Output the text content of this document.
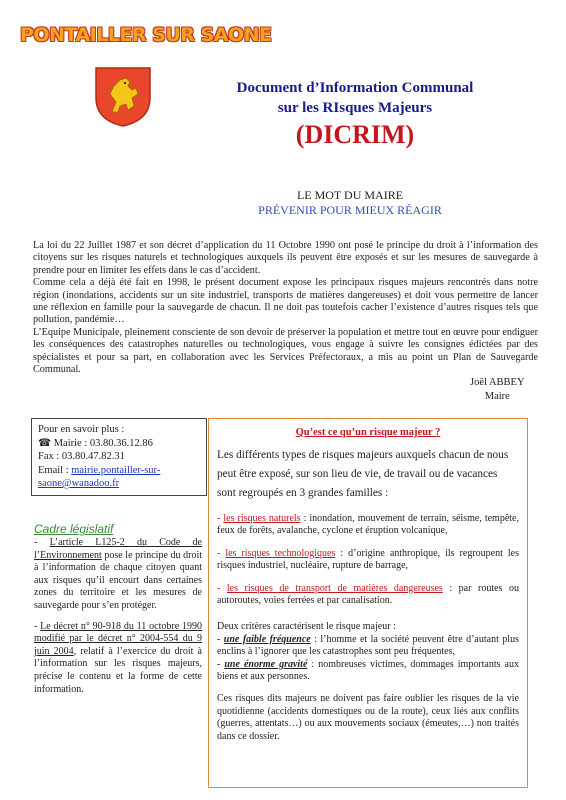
PONTAILLER SUR SAONE
Document d’Information Communal
sur les RIsques Majeurs
(DICRIM)
LE MOT DU MAIRE
PRÉVENIR POUR MIEUX RÉAGIR

La loi du 22 Juillet 1987 et son décret d’application du 11 Octobre 1990 ont posé le principe du droit à l’information des citoyens sur les risques naturels et technologiques auxquels ils peuvent être exposés et sur les mesures de sauvegarde à prendre pour en limiter les effets dans le cas d’accident.

Comme cela a déjà été fait en 1998, le présent document expose les principaux risques majeurs rencontrés dans notre région (inondations, accidents sur un site industriel, transports de matières dangereuses) et doit vous permettre de lancer une réflexion en famille pour la sauvegarde de chacun. Il ne doit pas toutefois cacher l’existence d’autres risques tels que pollution, pandémie…

L’Equipe Municipale, pleinement consciente de son devoir de préserver la population et mettre tout en œuvre pour endiguer les conséquences des catastrophes naturelles ou technologiques, vous engage à suivre les consignes édictées par des spécialistes et pour sa part, en collaboration avec les Services Préfectoraux, a mis au point un Plan de Sauvegarde Communal.

Joël ABBEY
Maire
Pour en savoir plus :
☎ Mairie : 03.80.36.12.86
Fax : 03.80.47.82.31
Email : mairie.pontailler-sur-saone@wanadoo.fr
Cadre législatif

- L’article L125-2 du Code de l’Environnement pose le principe du droit à l’information de chaque citoyen quant aux risques qu’il encourt dans certaines zones du territoire et les mesures de sauvegarde pour s’en protéger.

- Le décret n° 90-918 du 11 octobre 1990 modifié par le décret n° 2004-554 du 9 juin 2004, relatif à l’exercice du droit à l’information sur les risques majeurs, précise le contenu et la forme de cette information.

Qu’est ce qu’un risque majeur ?
Les différents types de risques majeurs auxquels chacun de nous peut être exposé, sur son lieu de vie, de travail ou de vacances sont regroupés en 3 grandes familles :
- les risques naturels : inondation, mouvement de terrain, séisme, tempête, feux de forêts, avalanche, cyclone et éruption volcanique,
- les risques technologiques : d’origine anthropique, ils regroupent les risques industriel, nucléaire, rupture de barrage,
- les risques de transport de matières dangereuses : par routes ou autoroutes, voies ferrées et par canalisation.
Deux critères caractérisent le risque majeur :
- une faible fréquence : l’homme et la société peuvent être d’autant plus enclins à l’ignorer que les catastrophes sont peu fréquentes,
- une énorme gravité : nombreuses victimes, dommages importants aux biens et aux personnes.
Ces risques dits majeurs ne doivent pas faire oublier les risques de la vie quotidienne (accidents domestiques ou de la route), ceux liés aux conflits (guerres, attentats…) ou aux mouvements sociaux (émeutes,…) non traités dans ce dossier.
